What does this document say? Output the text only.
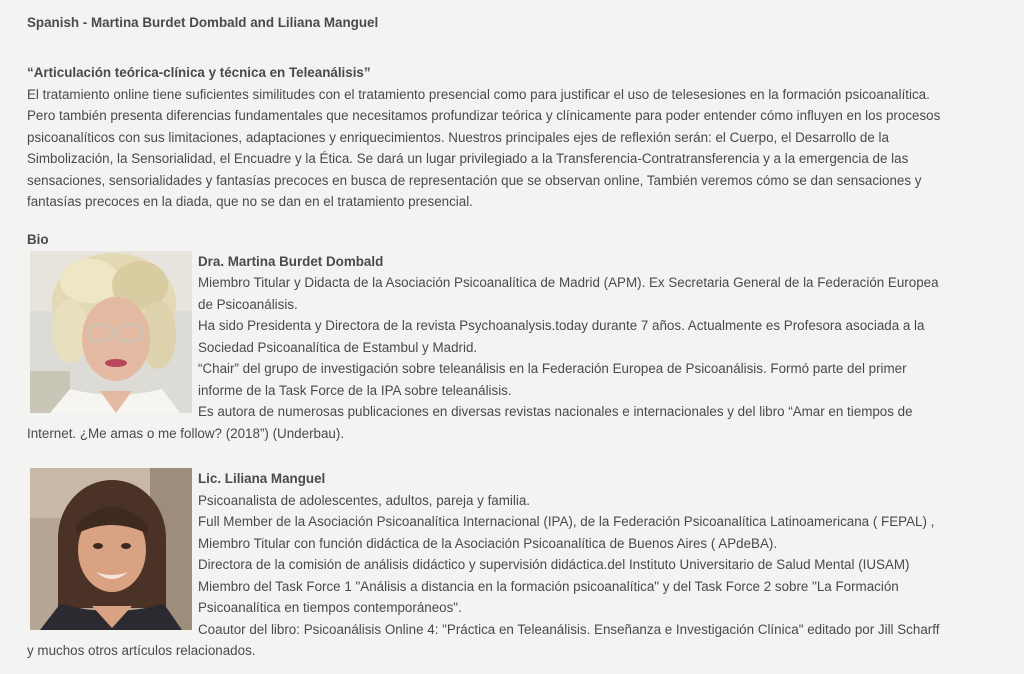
Spanish - Martina Burdet Dombald and Liliana Manguel
“Articulación teórica-clínica y técnica en Teleanálisis”

El tratamiento online tiene suficientes similitudes con el tratamiento presencial como para justificar el uso de telesesiones en la formación psicoanalítica. Pero también presenta diferencias fundamentales que necesitamos profundizar teórica y clínicamente para poder entender cómo influyen en los procesos psicoanalíticos con sus limitaciones, adaptaciones y enriquecimientos. Nuestros principales ejes de reflexión serán: el Cuerpo, el Desarrollo de la Simbolización, la Sensorialidad, el Encuadre y la Ética. Se dará un lugar privilegiado a la Transferencia-Contratransferencia y a la emergencia de las sensaciones, sensorialidades y fantasías precoces en busca de representación que se observan online, También veremos cómo se dan sensaciones y fantasías precoces en la diada, que no se dan en el tratamiento presencial.

Bio
Dra. Martina Burdet Dombald
Miembro Titular y Didacta de la Asociación Psicoanalítica de Madrid (APM). Ex Secretaria General de la Federación Europea de Psicoanálisis.
Ha sido Presidenta y Directora de la revista Psychoanalysis.today durante 7 años. Actualmente es Profesora asociada a la Sociedad Psicoanalítica de Estambul y Madrid.
“Chair” del grupo de investigación sobre teleanálisis en la Federación Europea de Psicoanálisis. Formó parte del primer informe de la Task Force de la IPA sobre teleanálisis.
Es autora de numerosas publicaciones en diversas revistas nacionales e internacionales y del libro “Amar en tiempos de Internet. ¿Me amas o me follow? (2018”) (Underbau).
Lic. Liliana Manguel
Psicoanalista de adolescentes, adultos, pareja y familia.
Full Member de la Asociación Psicoanalítica Internacional (IPA), de la Federación Psicoanalítica Latinoamericana ( FEPAL) ,
Miembro Titular con función didáctica de la Asociación Psicoanalítica de Buenos Aires ( APdeBA).
Directora de la comisión de análisis didáctico y supervisión didáctica.del Instituto Universitario de Salud Mental (IUSAM)
Miembro del Task Force 1 "Análisis a distancia en la formación psicoanalítica" y del Task Force 2 sobre "La Formación Psicoanalítica en tiempos contemporáneos".
Coautor del libro: Psicoanálisis Online 4: "Práctica en Teleanálisis. Enseñanza e Investigación Clínica" editado por Jill Scharff y muchos otros artículos relacionados.
